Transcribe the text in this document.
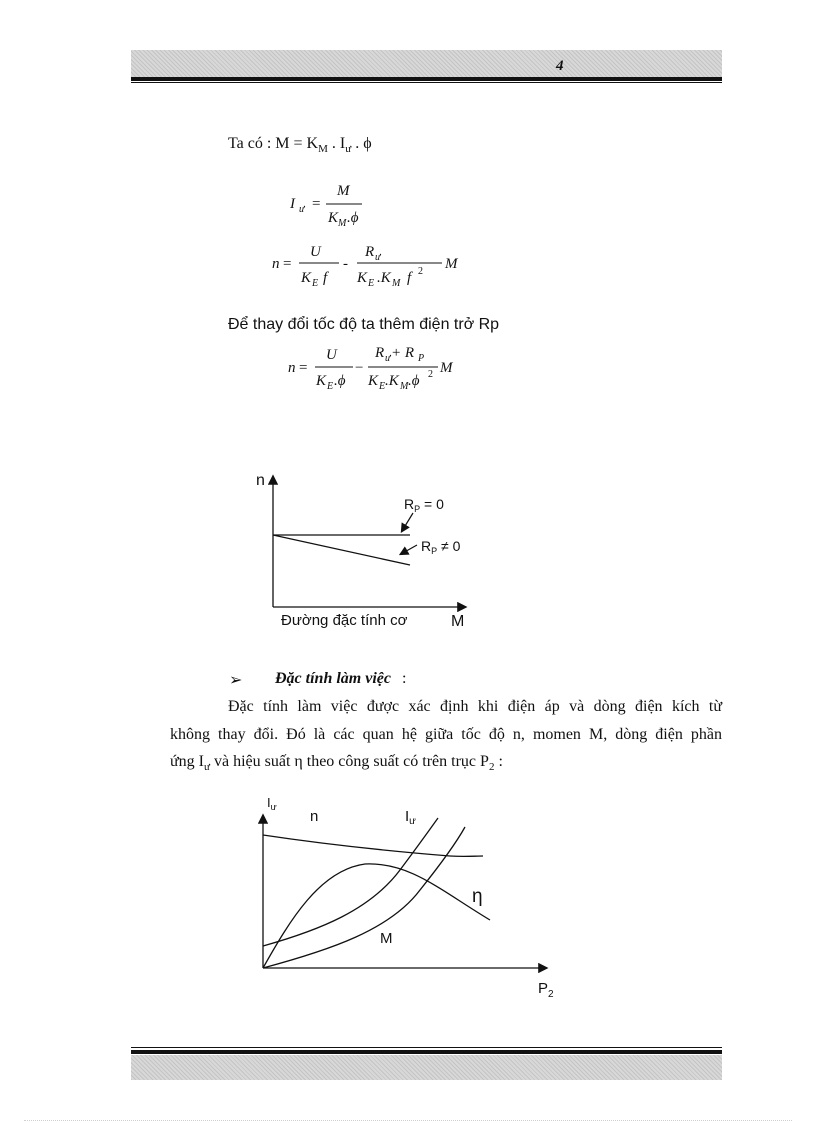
4
Ta có : $M = K_M$ . $I_ư$ . ϕ
I ư =
M
K M .ϕ
n =
U
K E f
-
R ư
K E .K M f 2 M
Để thay đổi tốc độ ta thêm điện trở Rp
n =
U
K E .ϕ
−
R ư + R P
K E .K M .ϕ 2 M
n
$R_P = 0$
$R_P \ne 0$
Đường đặc tính cơ	M
➢ Đặc tính làm việc :
Đặc tính làm việc được xác định khi điện áp và dòng điện kích từ
không thay đổi. Đó là các quan hệ giữa tốc độ n, momen M, dòng điện phần
ứng $I_ư$ và hiệu suất η theo công suất có trên trục $P_2$ :
$I_ư$
n	$I_ư$
η
M
$P_2$
